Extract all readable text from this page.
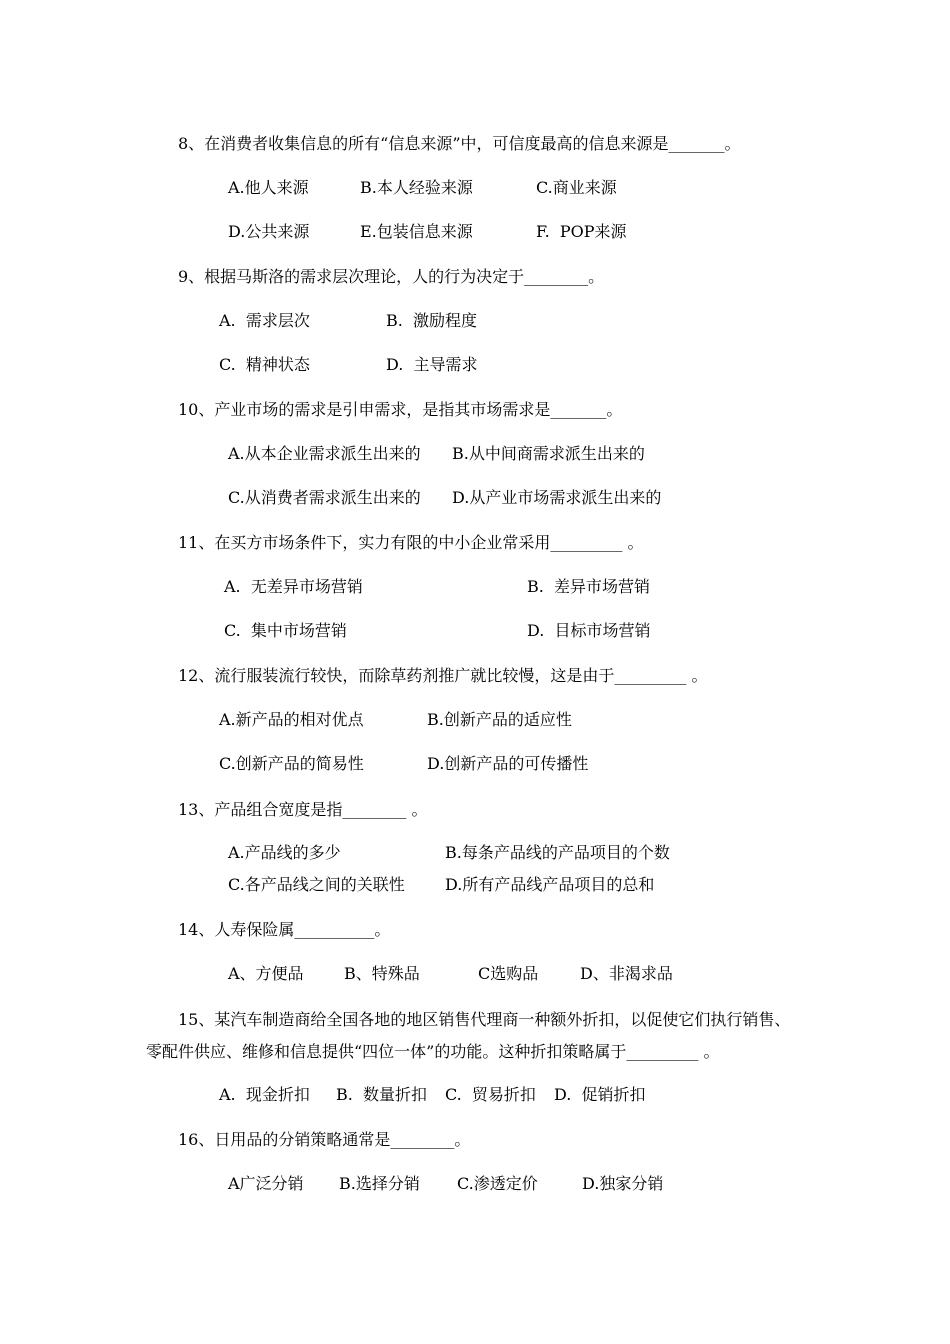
8、在消费者收集信息的所有“信息来源”中，可信度最高的信息来源是_______。
A.他人来源	B.本人经验来源	C.商业来源
D.公共来源	E.包装信息来源	F.  POP来源
9、根据马斯洛的需求层次理论，人的行为决定于________。
A.  需求层次	B.  激励程度
C.  精神状态	D.  主导需求
10、产业市场的需求是引申需求，是指其市场需求是_______。
A.从本企业需求派生出来的 B.从中间商需求派生出来的
C.从消费者需求派生出来的 D.从产业市场需求派生出来的
11、在买方市场条件下，实力有限的中小企业常采用_________ 。
A.  无差异市场营销	B.  差异市场营销
C.  集中市场营销	D.  目标市场营销
12、流行服装流行较快，而除草药剂推广就比较慢，这是由于_________ 。
A.新产品的相对优点	B.创新产品的适应性
C.创新产品的简易性	D.创新产品的可传播性
13、产品组合宽度是指________ 。
A.产品线的多少	B.每条产品线的产品项目的个数
C.各产品线之间的关联性	D.所有产品线产品项目的总和
14、人寿保险属__________。
A、方便品	B、特殊品	C选购品	D、非渴求品
15、某汽车制造商给全国各地的地区销售代理商一种额外折扣，以促使它们执行销售、
零配件供应、维修和信息提供“四位一体”的功能。这种折扣策略属于_________ 。
A.  现金折扣 B.  数量折扣 C.  贸易折扣 D.  促销折扣
16、日用品的分销策略通常是________。
A广泛分销 B.选择分销 C.渗透定价	D.独家分销
